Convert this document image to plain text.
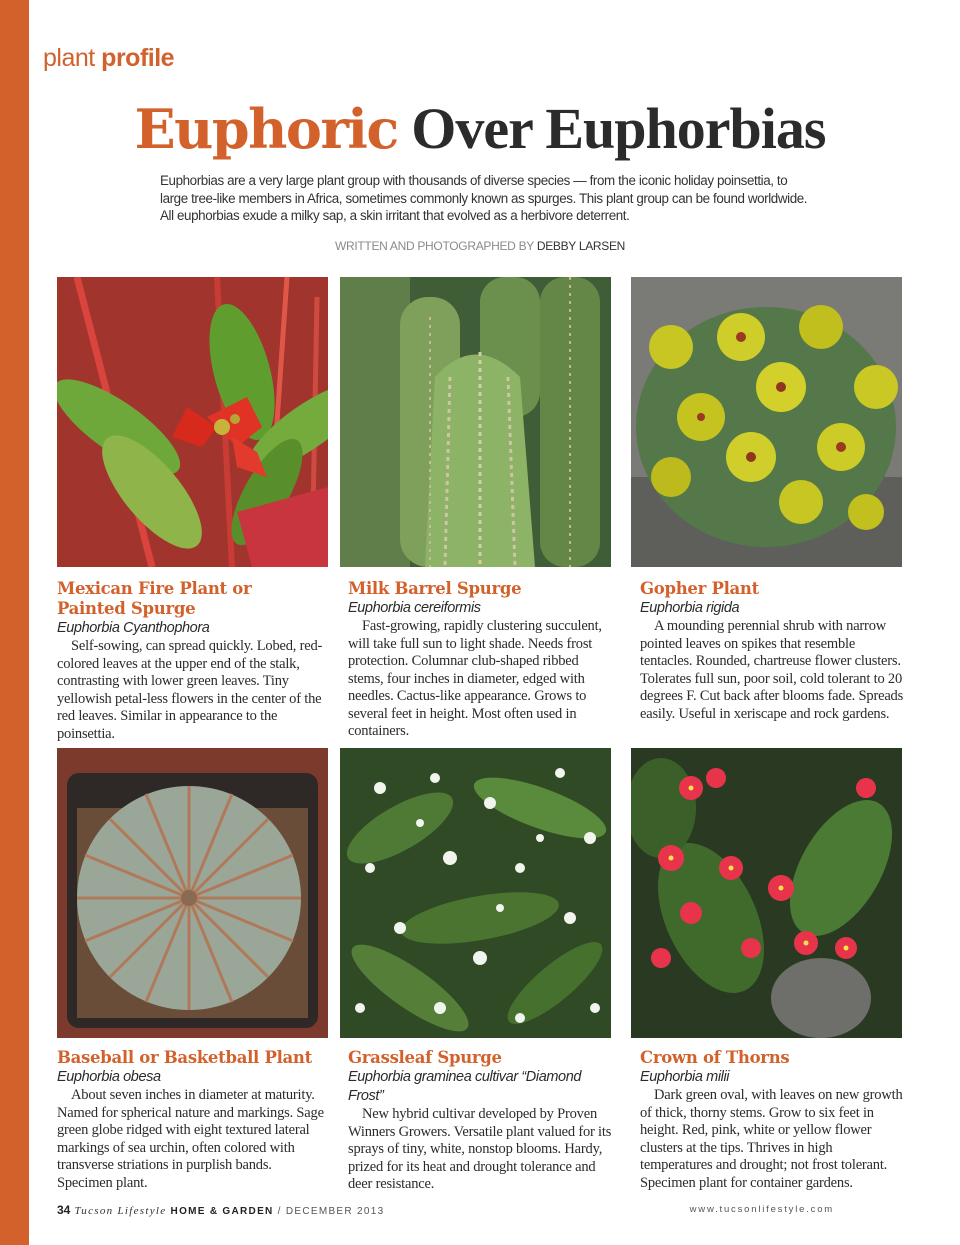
plant profile
Euphoric Over Euphorbias

Euphorbias are a very large plant group with thousands of diverse species — from the iconic holiday poinsettia, to large tree-like members in Africa, sometimes commonly known as spurges. This plant group can be found worldwide. All euphorbias exude a milky sap, a skin irritant that evolved as a herbivore deterrent.

WRITTEN AND PHOTOGRAPHED BY DEBBY LARSEN
Mexican Fire Plant or Painted Spurge

Euphorbia Cyanthophora

Self-sowing, can spread quickly. Lobed, red-colored leaves at the upper end of the stalk, contrasting with lower green leaves. Tiny yellowish petal-less flowers in the center of the red leaves. Similar in appearance to the poinsettia.

Milk Barrel Spurge

Euphorbia cereiformis

Fast-growing, rapidly clustering succulent, will take full sun to light shade. Needs frost protection. Columnar club-shaped ribbed stems, four inches in diameter, edged with needles. Cactus-like appearance. Grows to several feet in height. Most often used in containers.

Gopher Plant

Euphorbia rigida

A mounding perennial shrub with narrow pointed leaves on spikes that resemble tentacles. Rounded, chartreuse flower clusters. Tolerates full sun, poor soil, cold tolerant to 20 degrees F. Cut back after blooms fade. Spreads easily. Useful in xeriscape and rock gardens.

Baseball or Basketball Plant

Euphorbia obesa

About seven inches in diameter at maturity. Named for spherical nature and markings. Sage green globe ridged with eight textured lateral markings of sea urchin, often colored with transverse striations in purplish bands. Specimen plant.

Grassleaf Spurge

Euphorbia graminea cultivar “Diamond Frost”

New hybrid cultivar developed by Proven Winners Growers. Versatile plant valued for its sprays of tiny, white, nonstop blooms. Hardy, prized for its heat and drought tolerance and deer resistance.

Crown of Thorns

Euphorbia milii

Dark green oval, with leaves on new growth of thick, thorny stems. Grow to six feet in height. Red, pink, white or yellow flower clusters at the tips. Thrives in high temperatures and drought; not frost tolerant. Specimen plant for container gardens.

34 Tucson Lifestyle HOME & GARDEN / DECEMBER 2013	www.tucsonlifestyle.com
